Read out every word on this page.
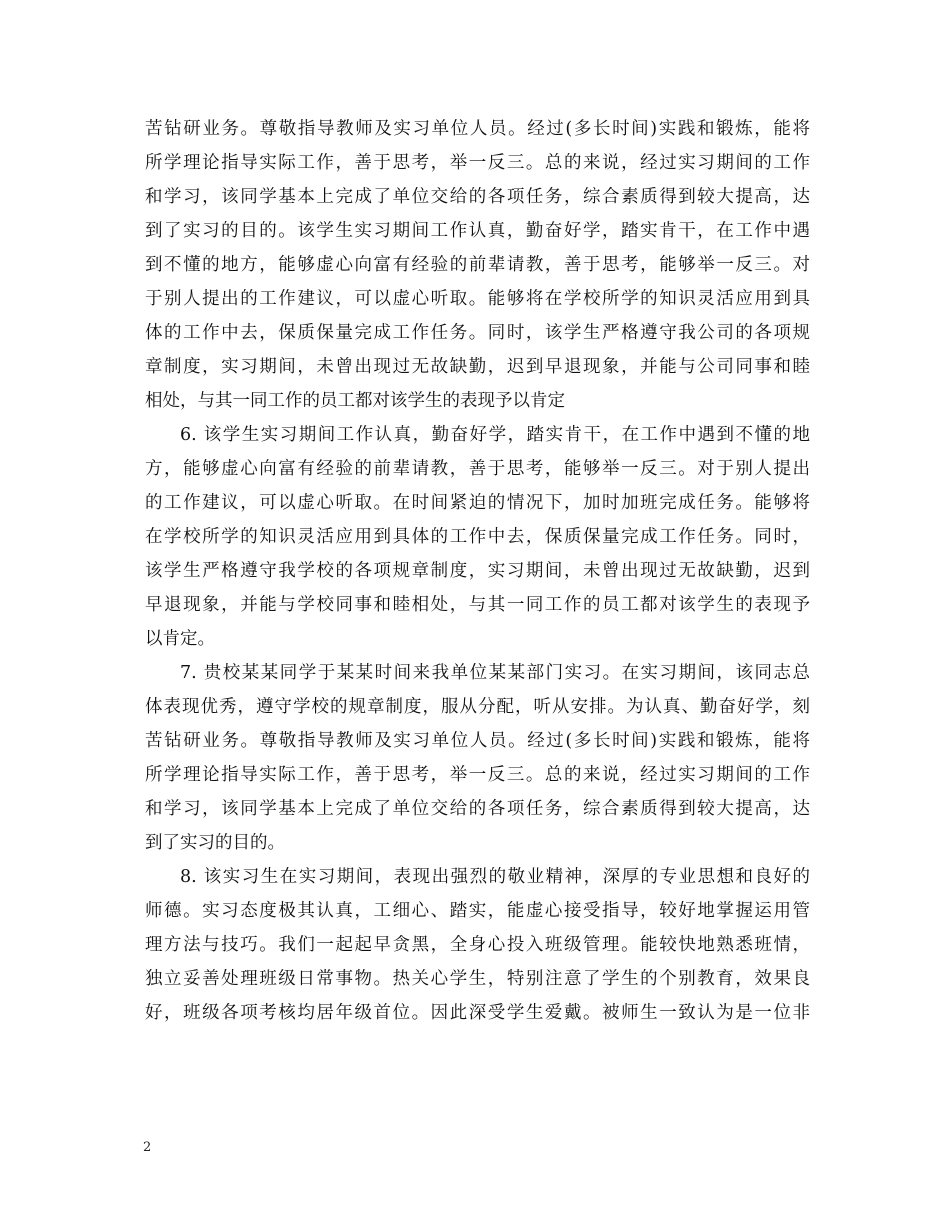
苦钻研业务。尊敬指导教师及实习单位人员。经过(多长时间)实践和锻炼，能将
所学理论指导实际工作，善于思考，举一反三。总的来说，经过实习期间的工作
和学习，该同学基本上完成了单位交给的各项任务，综合素质得到较大提高，达
到了实习的目的。该学生实习期间工作认真，勤奋好学，踏实肯干，在工作中遇
到不懂的地方，能够虚心向富有经验的前辈请教，善于思考，能够举一反三。对
于别人提出的工作建议，可以虚心听取。能够将在学校所学的知识灵活应用到具
体的工作中去，保质保量完成工作任务。同时，该学生严格遵守我公司的各项规
章制度，实习期间，未曾出现过无故缺勤，迟到早退现象，并能与公司同事和睦
相处，与其一同工作的员工都对该学生的表现予以肯定
6. 该学生实习期间工作认真，勤奋好学，踏实肯干，在工作中遇到不懂的地
方，能够虚心向富有经验的前辈请教，善于思考，能够举一反三。对于别人提出
的工作建议，可以虚心听取。在时间紧迫的情况下，加时加班完成任务。能够将
在学校所学的知识灵活应用到具体的工作中去，保质保量完成工作任务。同时，
该学生严格遵守我学校的各项规章制度，实习期间，未曾出现过无故缺勤，迟到
早退现象，并能与学校同事和睦相处，与其一同工作的员工都对该学生的表现予
以肯定。
7. 贵校某某同学于某某时间来我单位某某部门实习。在实习期间，该同志总
体表现优秀，遵守学校的规章制度，服从分配，听从安排。为认真、勤奋好学，刻
苦钻研业务。尊敬指导教师及实习单位人员。经过(多长时间)实践和锻炼，能将
所学理论指导实际工作，善于思考，举一反三。总的来说，经过实习期间的工作
和学习，该同学基本上完成了单位交给的各项任务，综合素质得到较大提高，达
到了实习的目的。
8. 该实习生在实习期间，表现出强烈的敬业精神，深厚的专业思想和良好的
师德。实习态度极其认真，工细心、踏实，能虚心接受指导，较好地掌握运用管
理方法与技巧。我们一起起早贪黑，全身心投入班级管理。能较快地熟悉班情，
独立妥善处理班级日常事物。热关心学生，特别注意了学生的个别教育，效果良
好，班级各项考核均居年级首位。因此深受学生爱戴。被师生一致认为是一位非
2
